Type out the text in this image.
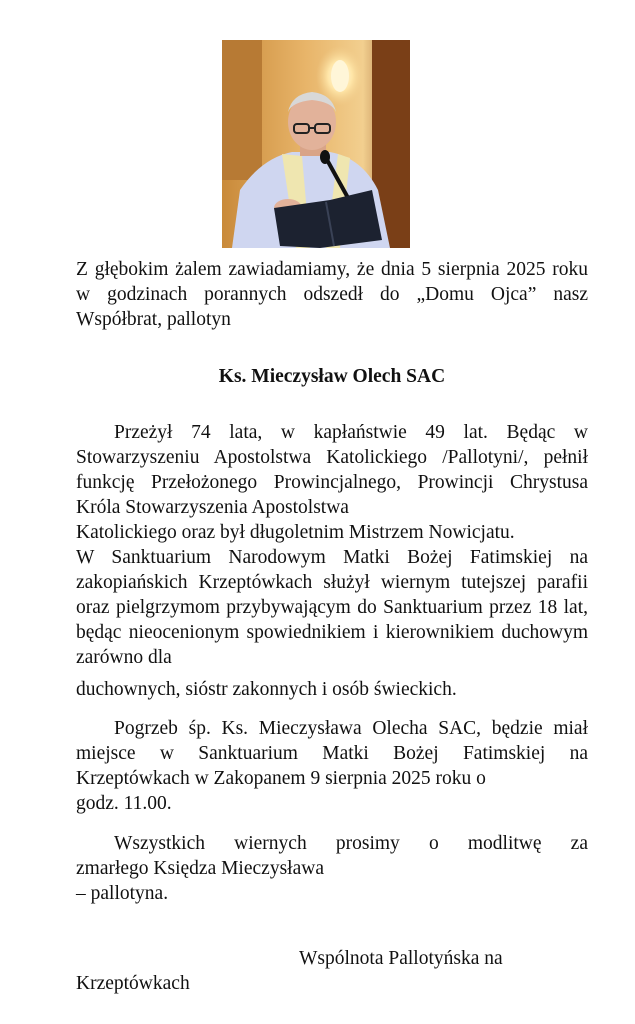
Z głębokim żalem zawiadamiamy, że dnia 5 sierpnia 2025 roku w godzinach porannych odszedł do „Domu Ojca” nasz Współbrat, pallotyn

Ks. Mieczysław Olech SAC

Przeżył 74 lata, w kapłaństwie 49 lat. Będąc w Stowarzyszeniu Apostolstwa Katolickiego /Pallotyni/, pełnił funkcję Przełożonego Prowincjalnego, Prowincji Chrystusa Króla Stowarzyszenia Apostolstwa

Katolickiego oraz był długoletnim Mistrzem Nowicjatu.

W Sanktuarium Narodowym Matki Bożej Fatimskiej na zakopiańskich Krzeptówkach służył wiernym tutejszej parafii oraz pielgrzymom przybywającym do Sanktuarium przez 18 lat, będąc nieocenionym spowiednikiem i kierownikiem duchowym zarówno dla

duchownych, sióstr zakonnych i osób świeckich.

Pogrzeb śp. Ks. Mieczysława Olecha SAC, będzie miał miejsce w Sanktuarium Matki Bożej Fatimskiej na Krzeptówkach w Zakopanem 9 sierpnia 2025 roku o

godz. 11.00.

Wszystkich wiernych prosimy o modlitwę za

zmarłego Księdza Mieczysława

– pallotyna.

Wspólnota Pallotyńska na

Krzeptówkach
